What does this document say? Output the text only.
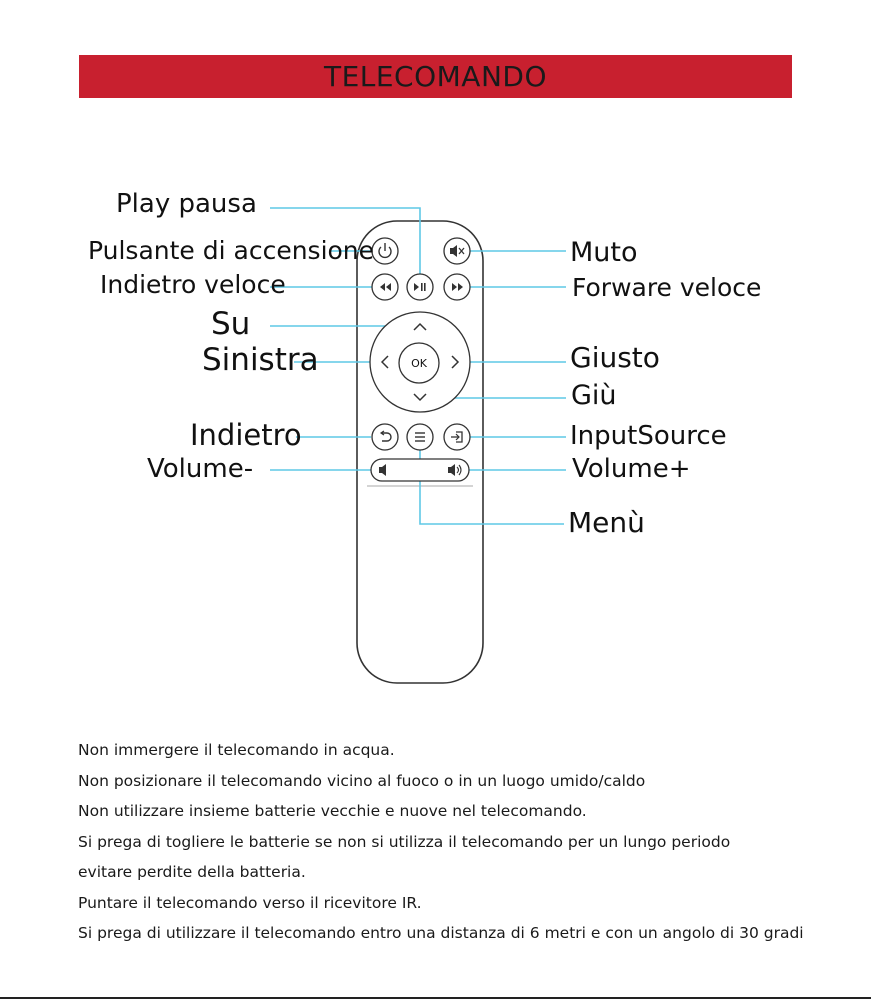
TELECOMANDO
OK
Play pausa
Pulsante di accensione
Indietro veloce
Su
Sinistra
Indietro
Volume-
Muto
Forware veloce
Giusto
Giù
InputSource
Volume+
Menù
Non immergere il telecomando in acqua.
Non posizionare il telecomando vicino al fuoco o in un luogo umido/caldo
Non utilizzare insieme batterie vecchie e nuove nel telecomando.
Si prega di togliere le batterie se non si utilizza il telecomando per un lungo periodo
evitare perdite della batteria.
Puntare il telecomando verso il ricevitore IR.
Si prega di utilizzare il telecomando entro una distanza di 6 metri e con un angolo di 30 gradi
